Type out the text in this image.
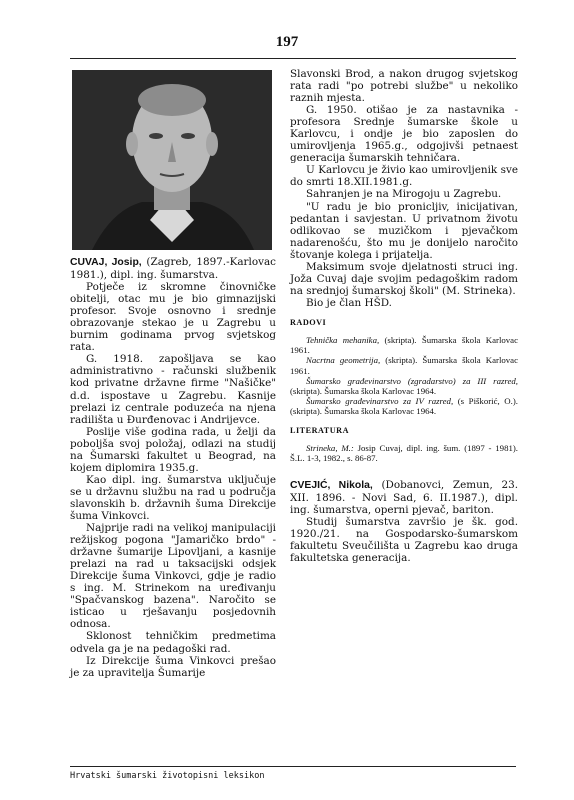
197

CUVAJ, Josip, (Zagreb, 1897.-Karlovac 1981.), dipl. ing. šumarstva.

Potječe iz skromne činovničke obitelji, otac mu je bio gimnazijski profesor. Svoje osnovno i srednje obrazovanje stekao je u Zagrebu u burnim godinama prvog svjetskog rata.

G. 1918. zapošljava se kao administrativno - računski službenik kod privatne državne firme "Našičke" d.d. ispostave u Zagrebu. Kasnije prelazi iz centrale poduzeća na njena radilišta u Đurđenovac i Andrijevce.

Poslije više godina rada, u želji da poboljša svoj položaj, odlazi na studij na Šumarski fakultet u Beograd, na kojem diplomira 1935.g.

Kao dipl. ing. šumarstva uključuje se u državnu službu na rad u područja slavonskih b. državnih šuma Direkcije šuma Vinkovci.

Najprije radi na velikoj manipulaciji režijskog pogona "Jamaričko brdo" - državne šumarije Lipovljani, a kasnije prelazi na rad u taksacijski odsjek Direkcije šuma Vinkovci, gdje je radio s ing. M. Strinekom na uređivanju "Spačvanskog bazena". Naročito se isticao u rješavanju posjedovnih odnosa.

Sklonost tehničkim predmetima odvela ga je na pedagoški rad.

Iz Direkcije šuma Vinkovci prešao je za upravitelja Šumarije

Slavonski Brod, a nakon drugog svjetskog rata radi "po potrebi službe" u nekoliko raznih mjesta.

G. 1950. otišao je za nastavnika - profesora Srednje šumarske škole u Karlovcu, i ondje je bio zaposlen do umirovljenja 1965.g., odgojivši petnaest generacija šumarskih tehničara.

U Karlovcu je živio kao umirovljenik sve do smrti 18.XII.1981.g.

Sahranjen je na Mirogoju u Zagrebu.

"U radu je bio pronicljiv, inicijativan, pedantan i savjestan. U privatnom životu odlikovao se muzičkom i pjevačkom nadarenošću, što mu je donijelo naročito štovanje kolega i prijatelja.

Maksimum svoje djelatnosti struci ing. Joža Cuvaj daje svojim pedagoškim radom na srednjoj šumarskoj školi" (M. Strineka).

Bio je član HŠD.

RADOVI

Tehnička mehanika, (skripta). Šumarska škola Karlovac 1961.

Nacrtna geometrija, (skripta). Šumarska škola Karlovac 1961.

Šumarsko građevinarstvo (zgradarstvo) za III razred, (skripta). Šumarska škola Karlovac 1964.

Šumarsko građevinarstvo za IV razred, (s Piškorić, O.). (skripta). Šumarska škola Karlovac 1964.

LITERATURA

Strineka, M.: Josip Cuvaj, dipl. ing. šum. (1897 - 1981). Š.L. 1-3, 1982., s. 86-87.

CVEJIĆ, Nikola, (Dobanovci, Zemun, 23. XII. 1896. - Novi Sad, 6. II.1987.), dipl. ing. šumarstva, operni pjevač, bariton.

Studij šumarstva završio je šk. god. 1920./21. na Gospodarsko-šumarskom fakultetu Sveučilišta u Zagrebu kao druga fakultetska generacija.

Hrvatski šumarski životopisni leksikon
